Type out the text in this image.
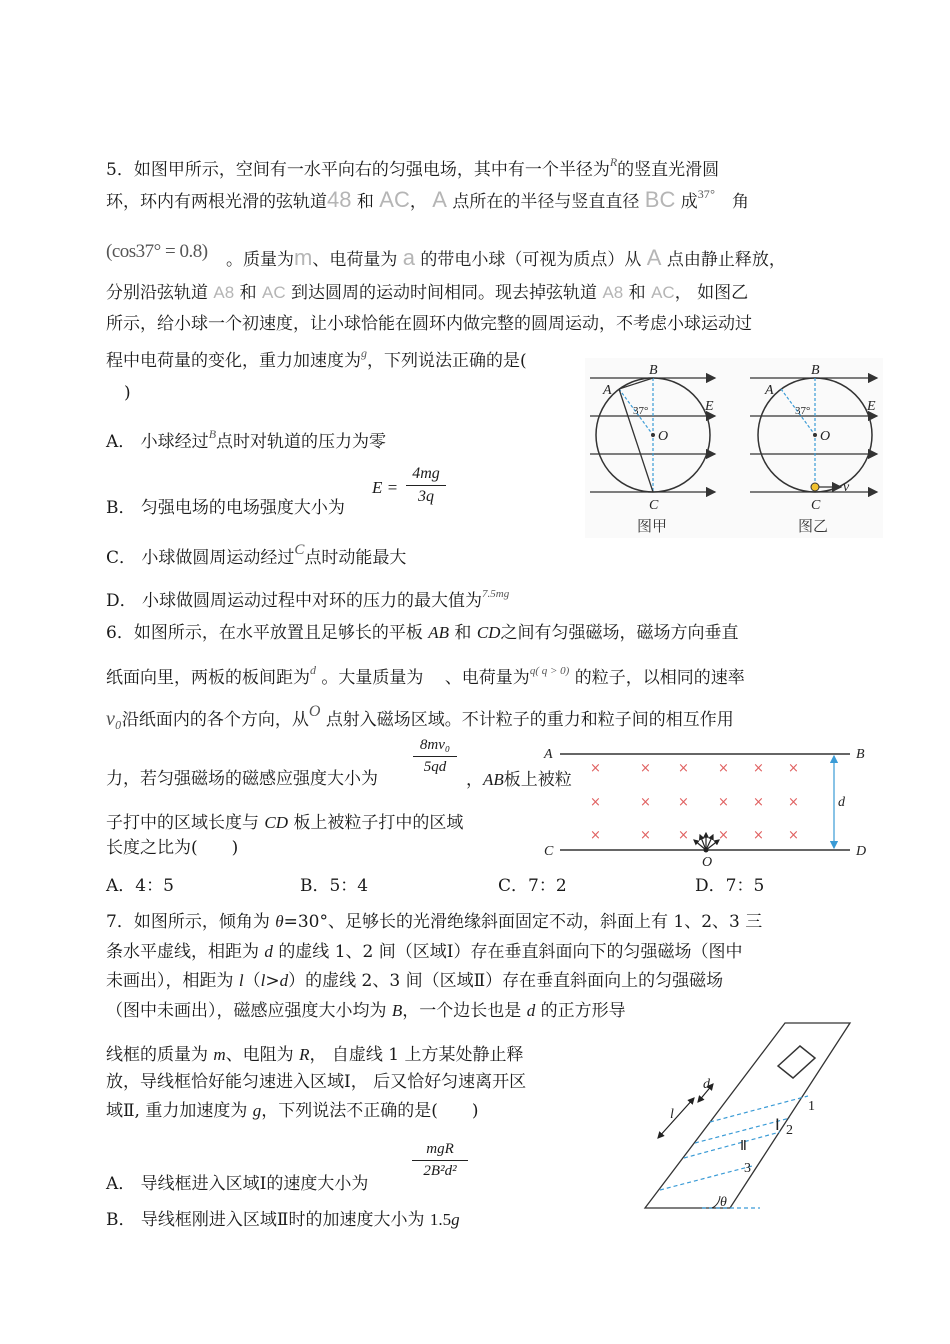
5．如图甲所示，空间有一水平向右的匀强电场，其中有一个半径为$^R$的竖直光滑圆
环，环内有两根光滑的弦轨道48 和 AC， A 点所在的半径与竖直直径 BC 成$^{37^\circ}$ 角
(cos37° = 0.8) 。质量为m、电荷量为 a 的带电小球（可视为质点）从 A 点由静止释放，
分别沿弦轨道 A8 和 AC 到达圆周的运动时间相同。现去掉弦轨道 A8 和 AC， 如图乙
所示，给小球一个初速度，让小球恰能在圆环内做完整的圆周运动，不考虑小球运动过
程中电荷量的变化，重力加速度为$^g$，下列说法正确的是(
)
A． 小球经过$^B$点时对轨道的压力为零
B． 匀强电场的电场强度大小为
E =
4mg
3q
C． 小球做圆周运动经过C点时动能最大
D． 小球做圆周运动过程中对环的压力的最大值为$^{7.5mg}$
A
B
C
E
O
37°
图甲
v
A
B
C
E
O
37°
图乙
6．如图所示，在水平放置且足够长的平板 AB 和 CD之间有匀强磁场，磁场方向垂直
纸面向里，两板的板间距为$^d$ 。大量质量为 、电荷量为$^{q( q > 0)}$ 的粒子，以相同的速率
v₀沿纸面内的各个方向，从O 点射入磁场区域。不计粒子的重力和粒子间的相互作用
力，若匀强磁场的磁感应强度大小为
8mv₀
5qd
，AB板上被粒
子打中的区域长度与 CD 板上被粒子打中的区域
长度之比为(　　)
A．4：5	B．5：4	C．7：2	D．7：5
A	B
C	D
d
×	× × × × ×
×	× × × × ×
×	× × × × ×
O
7．如图所示，倾角为 θ=30°、足够长的光滑绝缘斜面固定不动，斜面上有 1、2、3 三
条水平虚线，相距为 d 的虚线 1、2 间（区域Ⅰ）存在垂直斜面向下的匀强磁场（图中
未画出），相距为 l（l>d）的虚线 2、3 间（区域Ⅱ）存在垂直斜面向上的匀强磁场
（图中未画出），磁感应强度大小均为 B，一个边长也是 d 的正方形导
线框的质量为 m、电阻为 R， 自虚线 1 上方某处静止释
放，导线框恰好能匀速进入区域Ⅰ， 后又恰好匀速离开区
域Ⅱ, 重力加速度为 g，下列说法不正确的是(　　)
A． 导线框进入区域Ⅰ的速度大小为
mgR
2B²d²
B． 导线框刚进入区域Ⅱ时的加速度大小为 1.5g
d
l
1
2
3
Ⅰ
Ⅱ
θ
